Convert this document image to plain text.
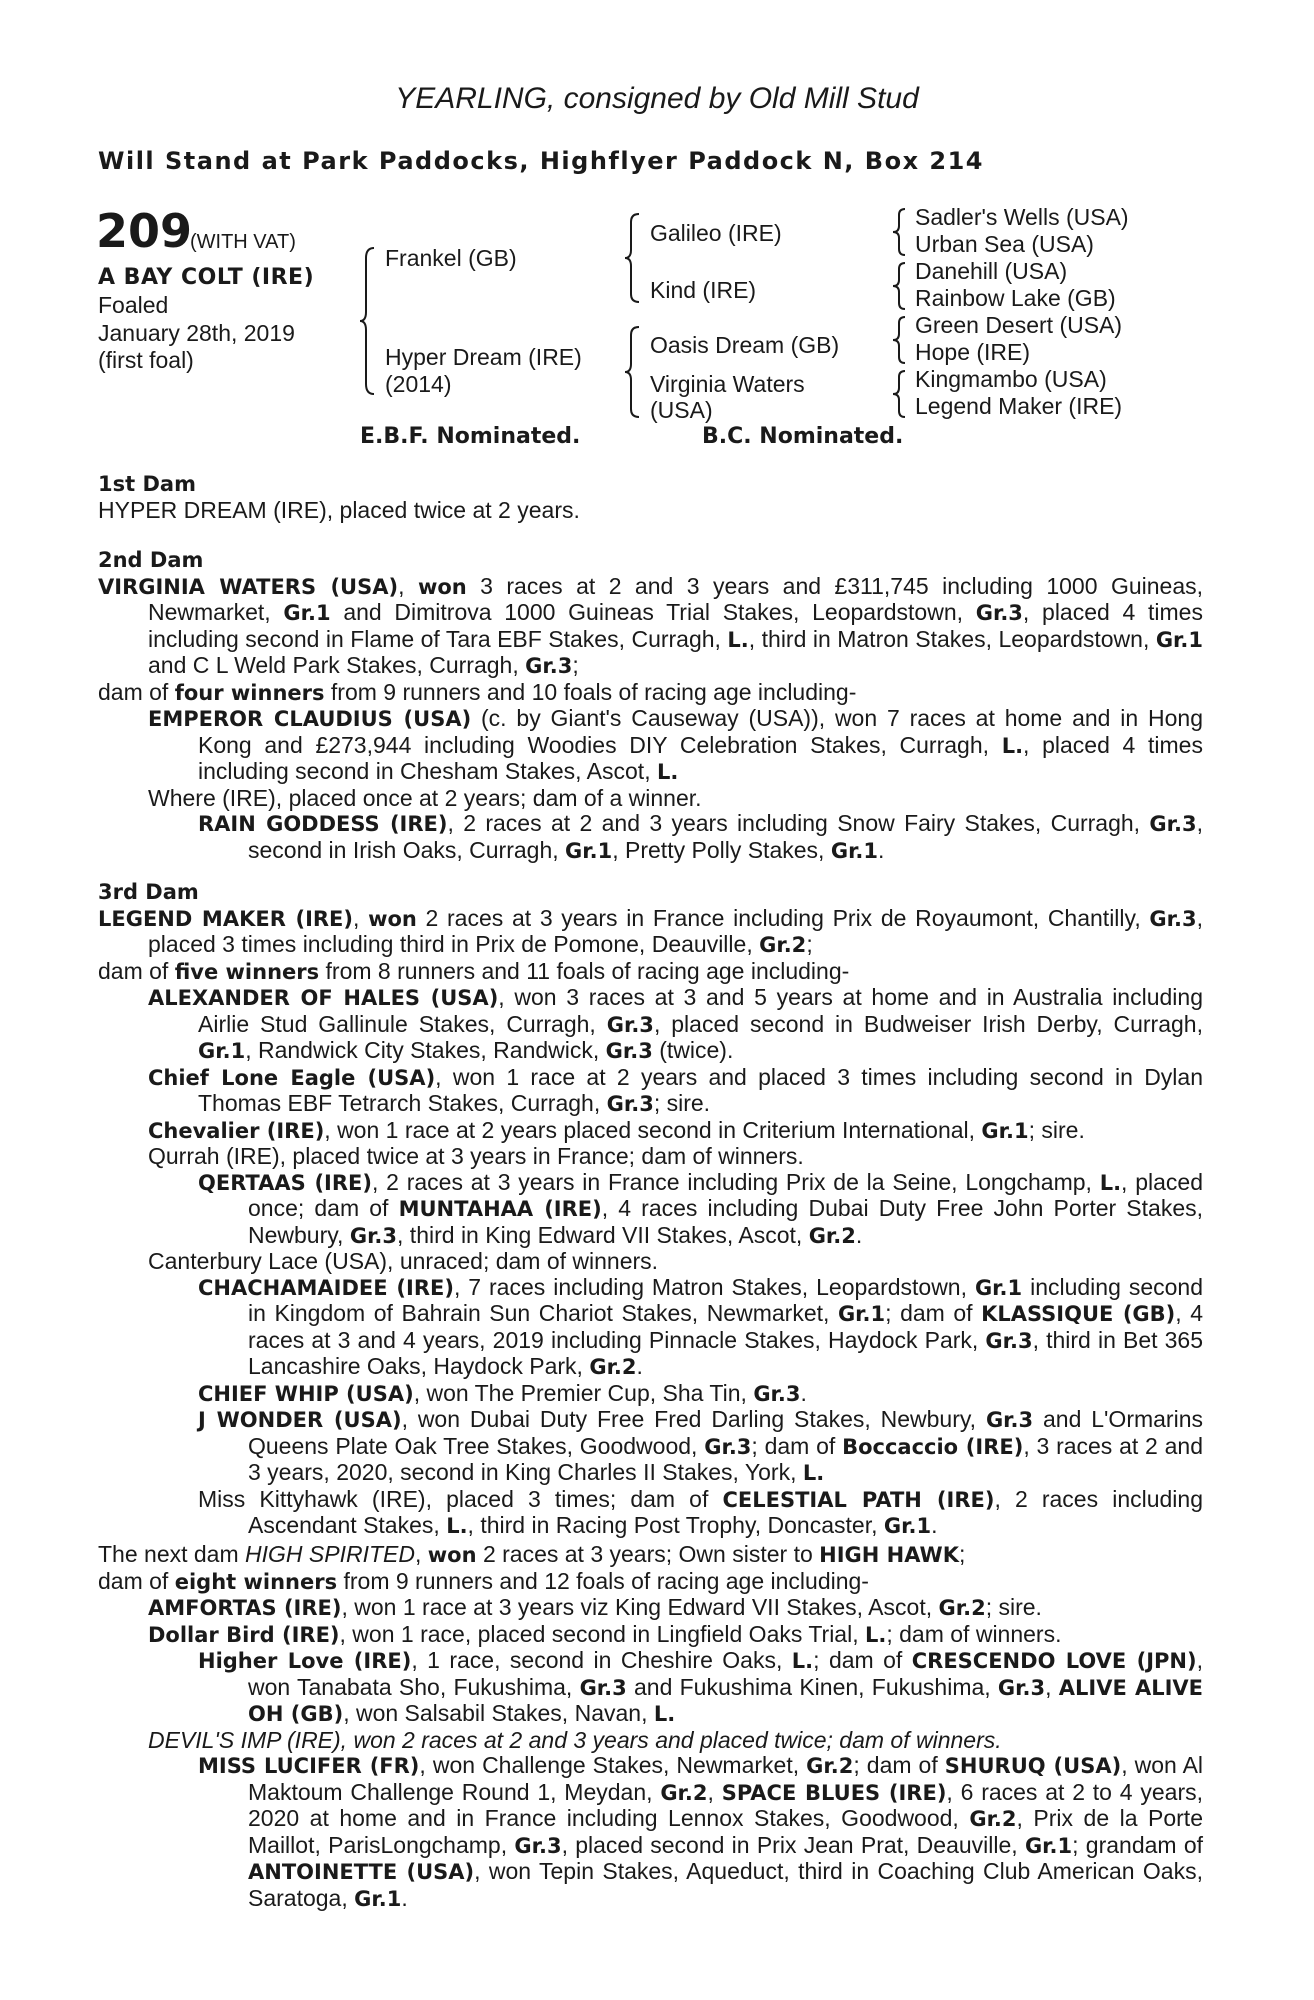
YEARLING, consigned by Old Mill Stud
Will Stand at Park Paddocks, Highflyer Paddock N, Box 214
209
(WITH VAT)
A BAY COLT (IRE)
Foaled
January 28th, 2019
(first foal)
Frankel (GB)
Hyper Dream (IRE)
(2014)
Galileo (IRE)
Kind (IRE)
Oasis Dream (GB)
Virginia Waters
(USA)
Sadler's Wells (USA)
Urban Sea (USA)
Danehill (USA)
Rainbow Lake (GB)
Green Desert (USA)
Hope (IRE)
Kingmambo (USA)
Legend Maker (IRE)
E.B.F. Nominated.	B.C. Nominated.
1st Dam

HYPER DREAM (IRE), placed twice at 2 years.

2nd Dam

VIRGINIA WATERS (USA), won 3 races at 2 and 3 years and £311,745 including 1000 Guineas, Newmarket, Gr.1 and Dimitrova 1000 Guineas Trial Stakes, Leopardstown, Gr.3, placed 4 times including second in Flame of Tara EBF Stakes, Curragh, L., third in Matron Stakes, Leopardstown, Gr.1 and C L Weld Park Stakes, Curragh, Gr.3;

dam of four winners from 9 runners and 10 foals of racing age including-

EMPEROR CLAUDIUS (USA) (c. by Giant's Causeway (USA)), won 7 races at home and in Hong Kong and £273,944 including Woodies DIY Celebration Stakes, Curragh, L., placed 4 times including second in Chesham Stakes, Ascot, L.

Where (IRE), placed once at 2 years; dam of a winner.

RAIN GODDESS (IRE), 2 races at 2 and 3 years including Snow Fairy Stakes, Curragh, Gr.3, second in Irish Oaks, Curragh, Gr.1, Pretty Polly Stakes, Gr.1.

3rd Dam

LEGEND MAKER (IRE), won 2 races at 3 years in France including Prix de Royaumont, Chantilly, Gr.3, placed 3 times including third in Prix de Pomone, Deauville, Gr.2;

dam of five winners from 8 runners and 11 foals of racing age including-

ALEXANDER OF HALES (USA), won 3 races at 3 and 5 years at home and in Australia including Airlie Stud Gallinule Stakes, Curragh, Gr.3, placed second in Budweiser Irish Derby, Curragh, Gr.1, Randwick City Stakes, Randwick, Gr.3 (twice).

Chief Lone Eagle (USA), won 1 race at 2 years and placed 3 times including second in Dylan Thomas EBF Tetrarch Stakes, Curragh, Gr.3; sire.

Chevalier (IRE), won 1 race at 2 years placed second in Criterium International, Gr.1; sire.

Qurrah (IRE), placed twice at 3 years in France; dam of winners.

QERTAAS (IRE), 2 races at 3 years in France including Prix de la Seine, Longchamp, L., placed once; dam of MUNTAHAA (IRE), 4 races including Dubai Duty Free John Porter Stakes, Newbury, Gr.3, third in King Edward VII Stakes, Ascot, Gr.2.

Canterbury Lace (USA), unraced; dam of winners.

CHACHAMAIDEE (IRE), 7 races including Matron Stakes, Leopardstown, Gr.1 including second in Kingdom of Bahrain Sun Chariot Stakes, Newmarket, Gr.1; dam of KLASSIQUE (GB), 4 races at 3 and 4 years, 2019 including Pinnacle Stakes, Haydock Park, Gr.3, third in Bet 365 Lancashire Oaks, Haydock Park, Gr.2.

CHIEF WHIP (USA), won The Premier Cup, Sha Tin, Gr.3.

J WONDER (USA), won Dubai Duty Free Fred Darling Stakes, Newbury, Gr.3 and L'Ormarins Queens Plate Oak Tree Stakes, Goodwood, Gr.3; dam of Boccaccio (IRE), 3 races at 2 and 3 years, 2020, second in King Charles II Stakes, York, L.

Miss Kittyhawk (IRE), placed 3 times; dam of CELESTIAL PATH (IRE), 2 races including Ascendant Stakes, L., third in Racing Post Trophy, Doncaster, Gr.1.

The next dam HIGH SPIRITED, won 2 races at 3 years; Own sister to HIGH HAWK;

dam of eight winners from 9 runners and 12 foals of racing age including-

AMFORTAS (IRE), won 1 race at 3 years viz King Edward VII Stakes, Ascot, Gr.2; sire.

Dollar Bird (IRE), won 1 race, placed second in Lingfield Oaks Trial, L.; dam of winners.

Higher Love (IRE), 1 race, second in Cheshire Oaks, L.; dam of CRESCENDO LOVE (JPN), won Tanabata Sho, Fukushima, Gr.3 and Fukushima Kinen, Fukushima, Gr.3, ALIVE ALIVE OH (GB), won Salsabil Stakes, Navan, L.

DEVIL'S IMP (IRE), won 2 races at 2 and 3 years and placed twice; dam of winners.

MISS LUCIFER (FR), won Challenge Stakes, Newmarket, Gr.2; dam of SHURUQ (USA), won Al Maktoum Challenge Round 1, Meydan, Gr.2, SPACE BLUES (IRE), 6 races at 2 to 4 years, 2020 at home and in France including Lennox Stakes, Goodwood, Gr.2, Prix de la Porte Maillot, ParisLongchamp, Gr.3, placed second in Prix Jean Prat, Deauville, Gr.1; grandam of ANTOINETTE (USA), won Tepin Stakes, Aqueduct, third in Coaching Club American Oaks, Saratoga, Gr.1.
